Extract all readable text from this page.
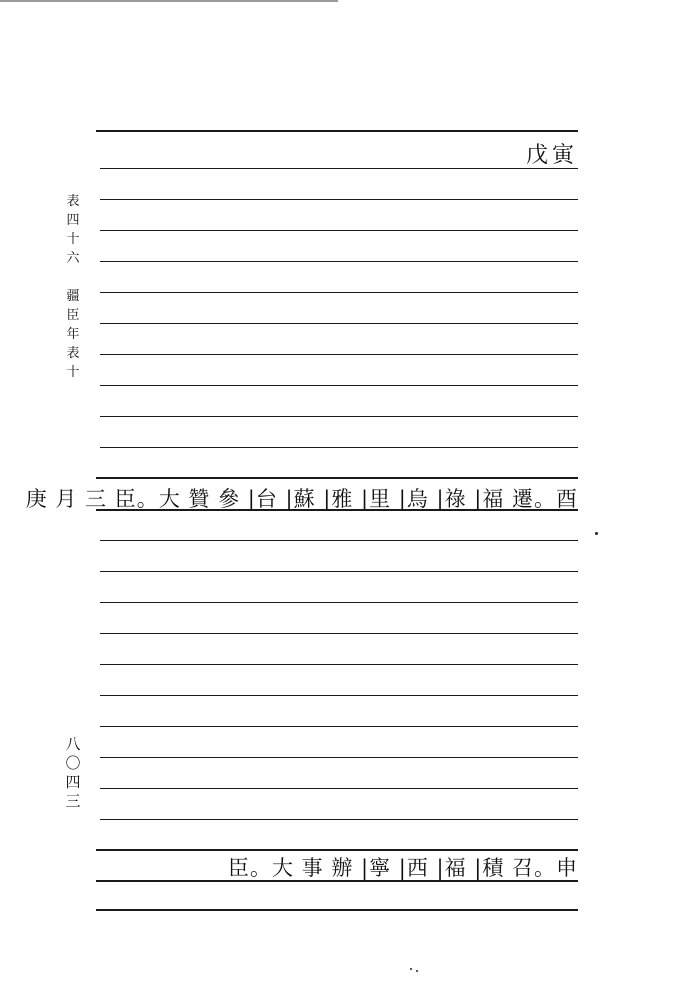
戊寅
表
四
十
六
疆
臣
年
表
十
八
〇
四
三
庚 月 三 臣。大 贊 參 |台 |蘇 |雅 |里 |烏 |祿 |福 遷。酉
臣。大 事 辦 |寧 |西 |福 |積 召。申
